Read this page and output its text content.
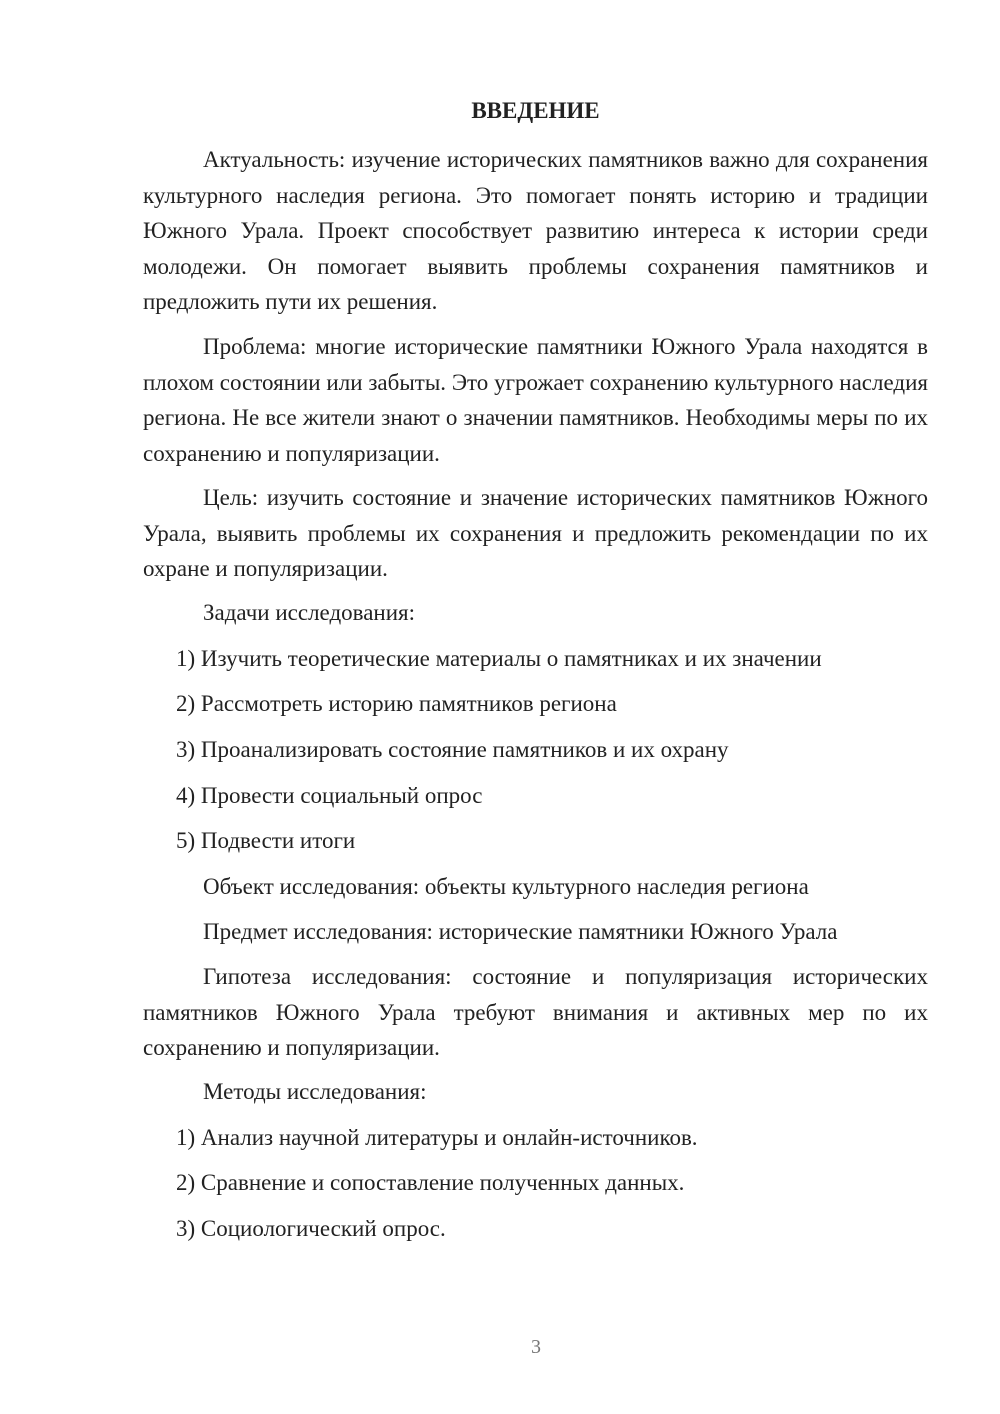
ВВЕДЕНИЕ

Актуальность: изучение исторических памятников важно для сохранения культурного наследия региона. Это помогает понять историю и традиции Южного Урала. Проект способствует развитию интереса к истории среди молодежи. Он помогает выявить проблемы сохранения памятников и предложить пути их решения.

Проблема: многие исторические памятники Южного Урала находятся в плохом состоянии или забыты. Это угрожает сохранению культурного наследия региона. Не все жители знают о значении памятников. Необходимы меры по их сохранению и популяризации.

Цель: изучить состояние и значение исторических памятников Южного Урала, выявить проблемы их сохранения и предложить рекомендации по их охране и популяризации.

Задачи исследования:
1) Изучить теоретические материалы о памятниках и их значении
2) Рассмотреть историю памятников региона
3) Проанализировать состояние памятников и их охрану
4) Провести социальный опрос
5) Подвести итоги
Объект исследования: объекты культурного наследия региона
Предмет исследования: исторические памятники Южного Урала

Гипотеза исследования: состояние и популяризация исторических памятников Южного Урала требуют внимания и активных мер по их сохранению и популяризации.

Методы исследования:
1) Анализ научной литературы и онлайн-источников.
2) Сравнение и сопоставление полученных данных.
3) Социологический опрос.
3
